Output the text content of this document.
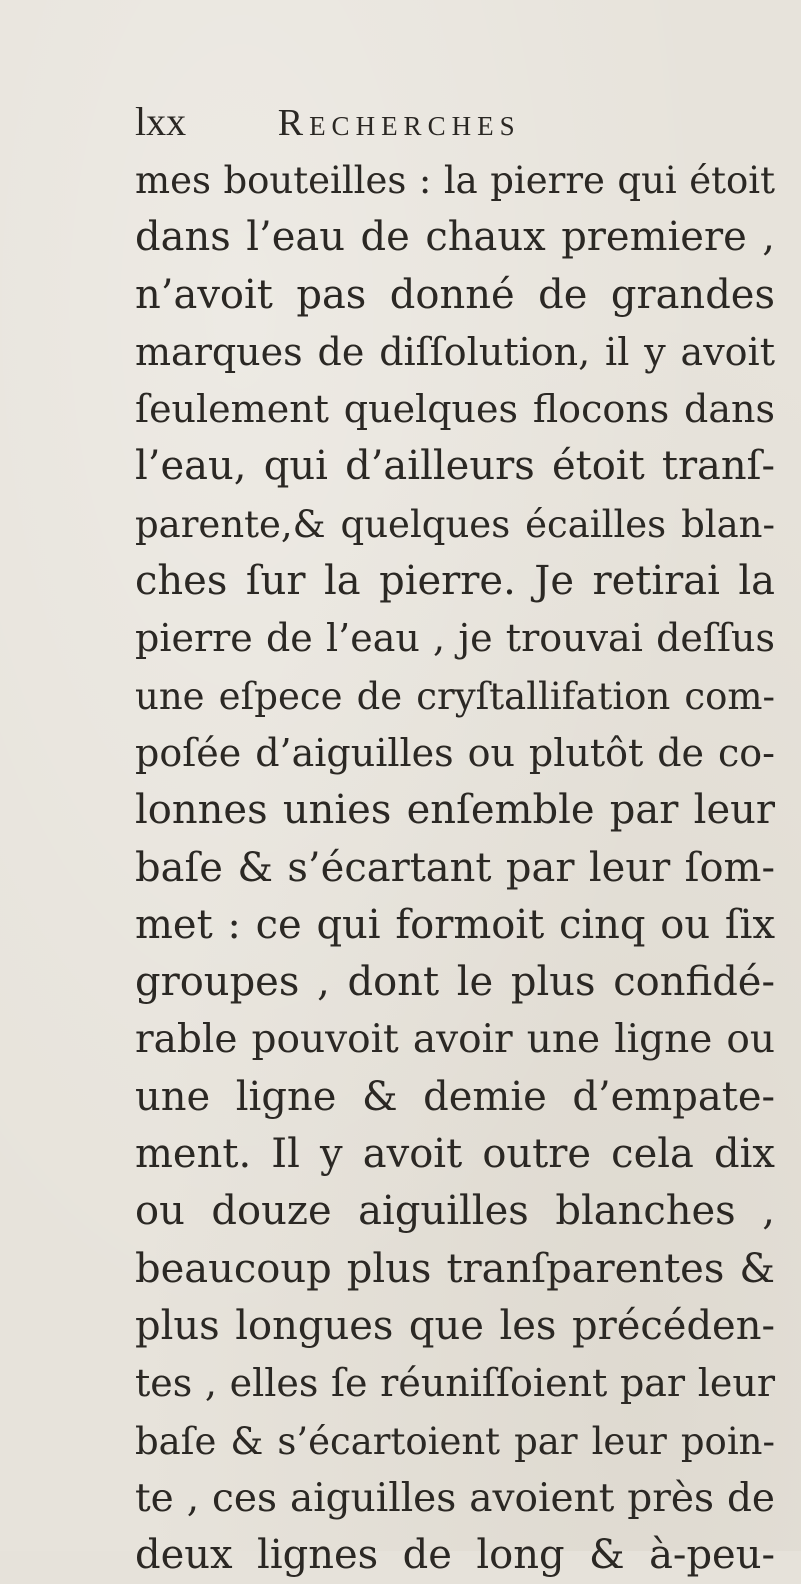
lxx Recherches
mes bouteilles : la pierre qui étoit
dans l’eau de chaux premiere ,
n’avoit pas donné de grandes
marques de diſſolution, il y avoit
ſeulement quelques flocons dans
l’eau, qui d’ailleurs étoit tranſ-
parente,& quelques écailles blan-
ches ſur la pierre. Je retirai la
pierre de l’eau , je trouvai deſſus
une eſpece de cryſtallifation com-
poſée d’aiguilles ou plutôt de co-
lonnes unies enſemble par leur
baſe & s’écartant par leur ſom-
met : ce qui formoit cinq ou ſix
groupes , dont le plus confidé-
rable pouvoit avoir une ligne ou
une ligne & demie d’empate-
ment. Il y avoit outre cela dix
ou douze aiguilles blanches ,
beaucoup plus tranſparentes &
plus longues que les précéden-
tes , elles ſe réuniſſoient par leur
baſe & s’écartoient par leur poin-
te , ces aiguilles avoient près de
deux lignes de long & à-peu-
